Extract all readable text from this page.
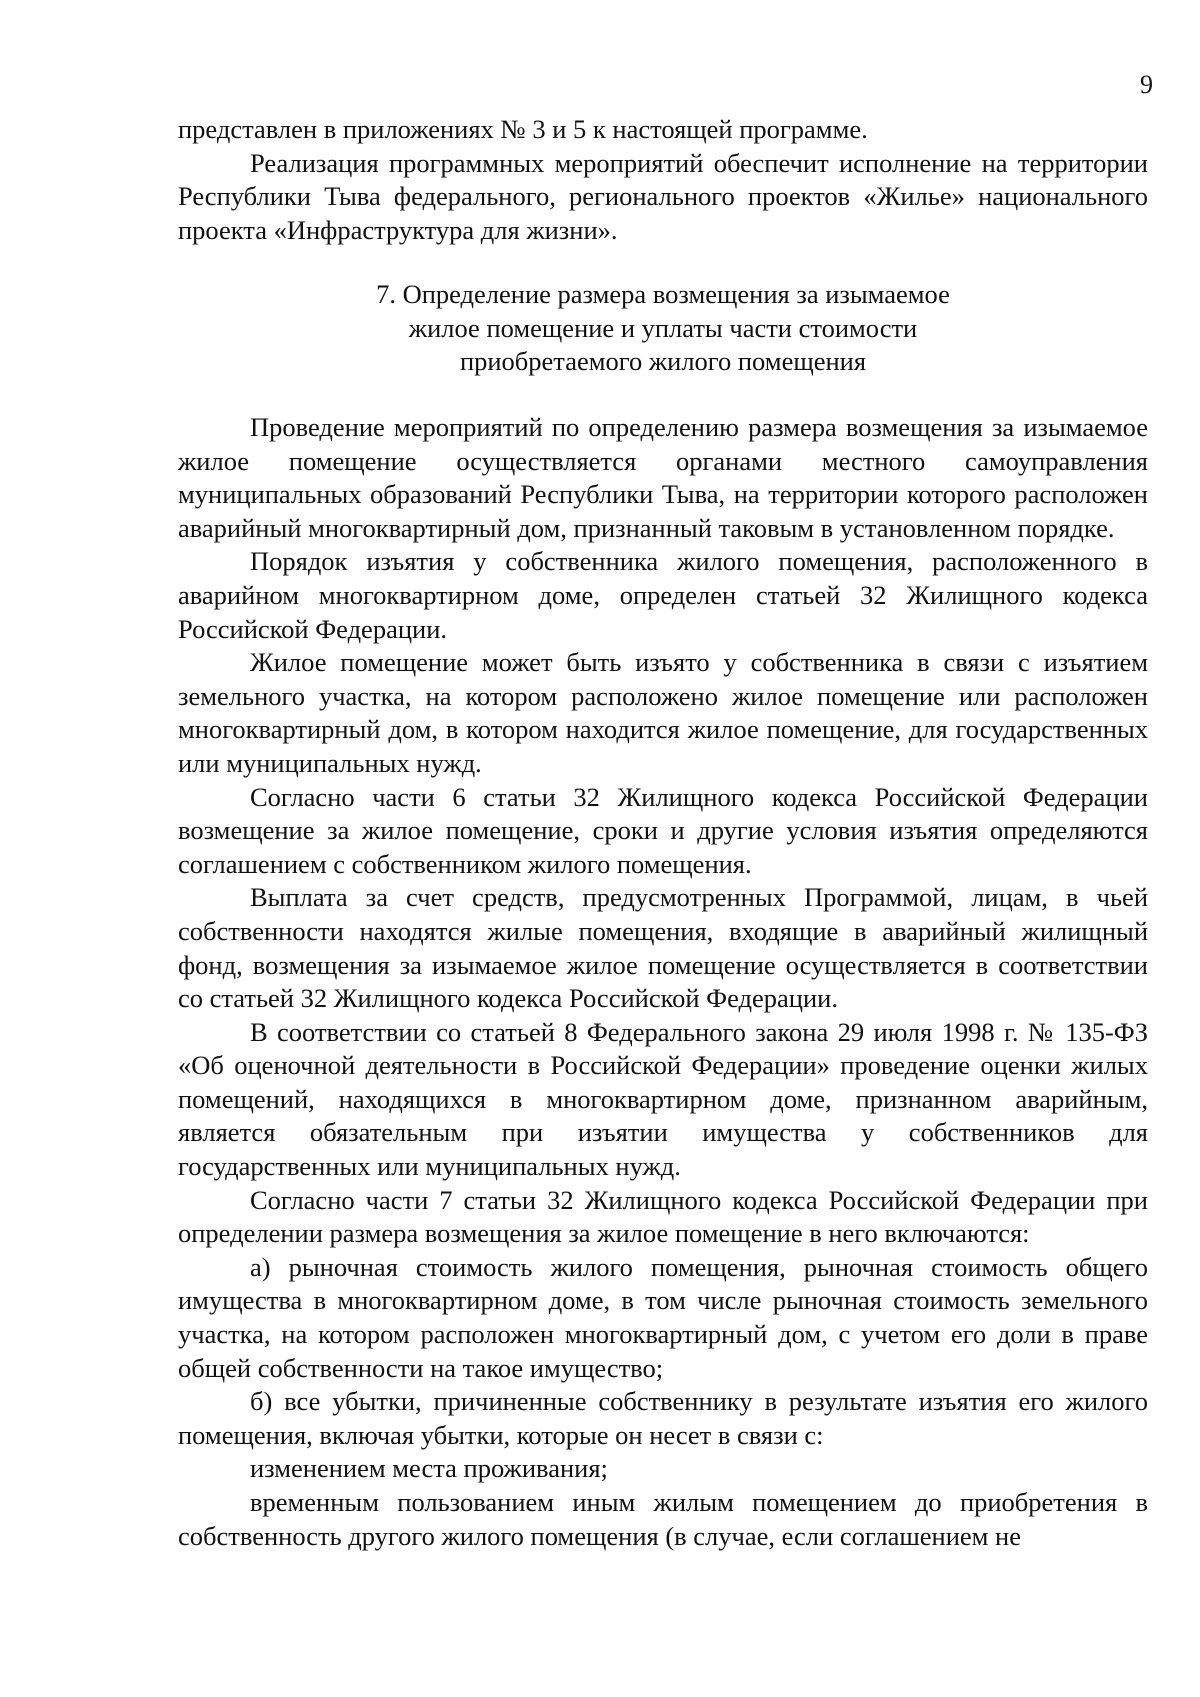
9

представлен в приложениях № 3 и 5 к настоящей программе.

Реализация программных мероприятий обеспечит исполнение на территории Республики Тыва федерального, регионального проектов «Жилье» национального проекта «Инфраструктура для жизни».

7. Определение размера возмещения за изымаемое
жилое помещение и уплаты части стоимости
приобретаемого жилого помещения

Проведение мероприятий по определению размера возмещения за изымаемое жилое помещение осуществляется органами местного самоуправления муниципальных образований Республики Тыва, на территории которого расположен аварийный многоквартирный дом, признанный таковым в установленном порядке.

Порядок изъятия у собственника жилого помещения, расположенного в аварийном многоквартирном доме, определен статьей 32 Жилищного кодекса Российской Федерации.

Жилое помещение может быть изъято у собственника в связи с изъятием земельного участка, на котором расположено жилое помещение или расположен многоквартирный дом, в котором находится жилое помещение, для государственных или муниципальных нужд.

Согласно части 6 статьи 32 Жилищного кодекса Российской Федерации возмещение за жилое помещение, сроки и другие условия изъятия определяются соглашением с собственником жилого помещения.

Выплата за счет средств, предусмотренных Программой, лицам, в чьей собственности находятся жилые помещения, входящие в аварийный жилищный фонд, возмещения за изымаемое жилое помещение осуществляется в соответствии со статьей 32 Жилищного кодекса Российской Федерации.

В соответствии со статьей 8 Федерального закона 29 июля 1998 г. № 135-ФЗ «Об оценочной деятельности в Российской Федерации» проведение оценки жилых помещений, находящихся в многоквартирном доме, признанном аварийным, является обязательным при изъятии имущества у собственников для государственных или муниципальных нужд.

Согласно части 7 статьи 32 Жилищного кодекса Российской Федерации при определении размера возмещения за жилое помещение в него включаются:

а) рыночная стоимость жилого помещения, рыночная стоимость общего имущества в многоквартирном доме, в том числе рыночная стоимость земельного участка, на котором расположен многоквартирный дом, с учетом его доли в праве общей собственности на такое имущество;

б) все убытки, причиненные собственнику в результате изъятия его жилого помещения, включая убытки, которые он несет в связи с:

изменением места проживания;

временным пользованием иным жилым помещением до приобретения в собственность другого жилого помещения (в случае, если соглашением не
